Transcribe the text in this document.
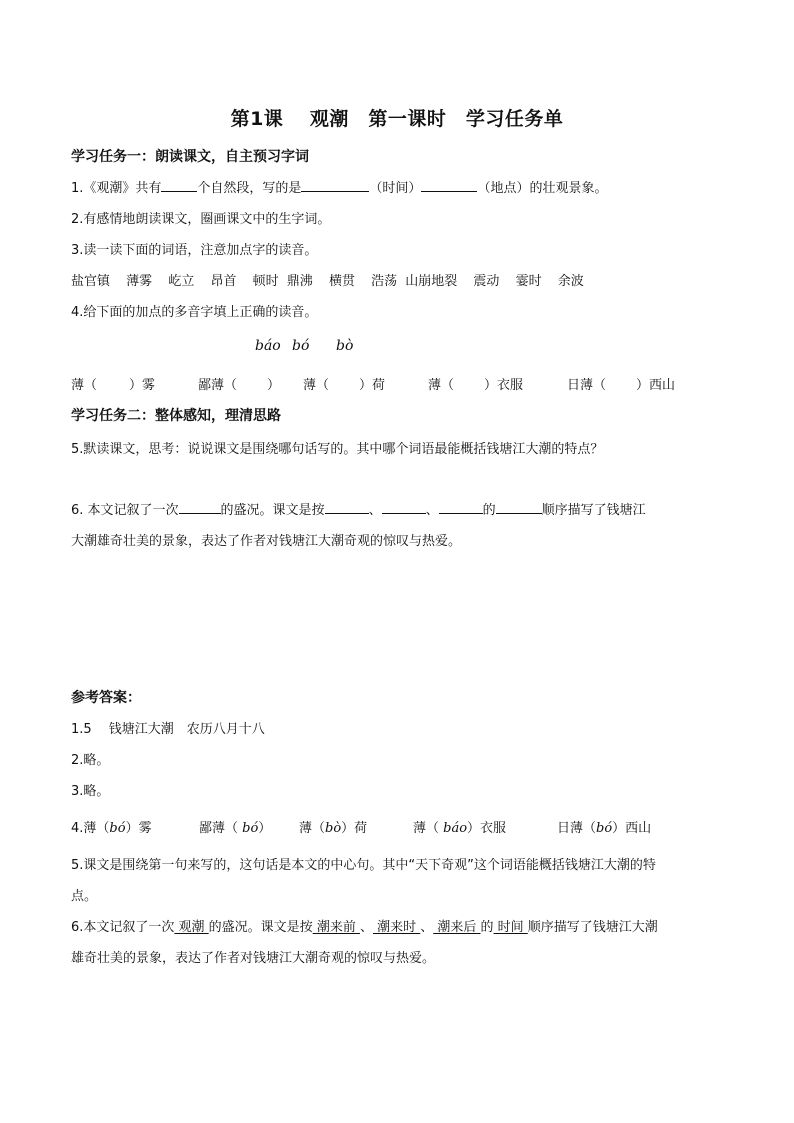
第1课　 观潮　第一课时　学习任务单
学习任务一：朗读课文，自主预习字词
1.《观潮》共有	个自然段，写的是	（时间）	（地点）的壮观景象。
2.有感情地朗读课文，圈画课文中的生字词。
3.读一读下面的词语，注意加点字的读音。
盐官镇 薄雾 屹立 昂首 顿时 鼎沸 横贯 浩荡 山崩地裂 震动 霎时 余波
4.给下面的加点的多音字填上正确的读音。
báo bó bò
薄（ ）雾	鄙薄（ ） 薄（ ）荷	薄（ ）衣服	日薄（ ）西山
学习任务二：整体感知，理清思路
5.默读课文，思考：说说课文是围绕哪句话写的。其中哪个词语最能概括钱塘江大潮的特点？
6. 本文记叙了一次	的盛况。课文是按	、	、	的	顺序描写了钱塘江
大潮雄奇壮美的景象，表达了作者对钱塘江大潮奇观的惊叹与热爱。
参考答案：
1.5　 钱塘江大潮　农历八月十八
2.略。
3.略。
4.薄（bó）雾	鄙薄（ bó） 薄（bò）荷	薄（ báo）衣服	日薄（bó）西山
5.课文是围绕第一句来写的，这句话是本文的中心句。其中“天下奇观”这个词语能概括钱塘江大潮的特
点。
6.本文记叙了一次 观潮 的盛况。课文是按 潮来前 、 潮来时 、 潮来后 的 时间 顺序描写了钱塘江大潮
雄奇壮美的景象，表达了作者对钱塘江大潮奇观的惊叹与热爱。
